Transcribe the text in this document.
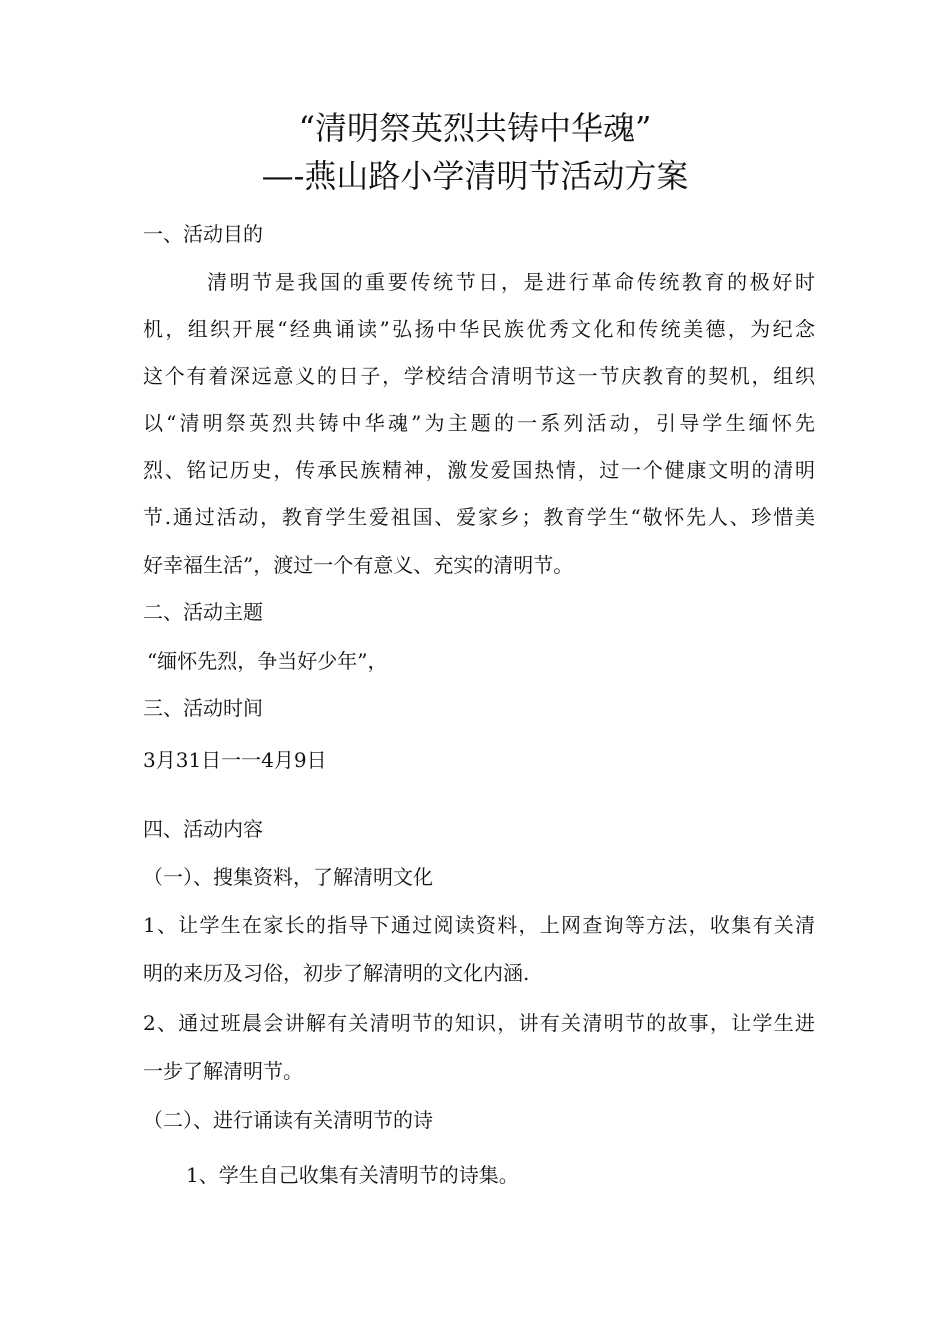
“清明祭英烈共铸中华魂”
—-燕山路小学清明节活动方案
一、活动目的
清明节是我国的重要传统节日，是进行革命传统教育的极好时
机，组织开展“经典诵读”弘扬中华民族优秀文化和传统美德，为纪念
这个有着深远意义的日子，学校结合清明节这一节庆教育的契机，组织
以“清明祭英烈共铸中华魂”为主题的一系列活动，引导学生缅怀先
烈、铭记历史，传承民族精神，激发爱国热情，过一个健康文明的清明
节.通过活动，教育学生爱祖国、爱家乡；教育学生“敬怀先人、珍惜美
好幸福生活”，渡过一个有意义、充实的清明节。
二、活动主题
“缅怀先烈，争当好少年”，
三、活动时间
3月31日一一4月9日
四、活动内容
（一）、搜集资料，了解清明文化
1、让学生在家长的指导下通过阅读资料，上网查询等方法，收集有关清
明的来历及习俗，初步了解清明的文化内涵.
2、通过班晨会讲解有关清明节的知识，讲有关清明节的故事，让学生进
一步了解清明节。
（二）、进行诵读有关清明节的诗
1、学生自己收集有关清明节的诗集。
